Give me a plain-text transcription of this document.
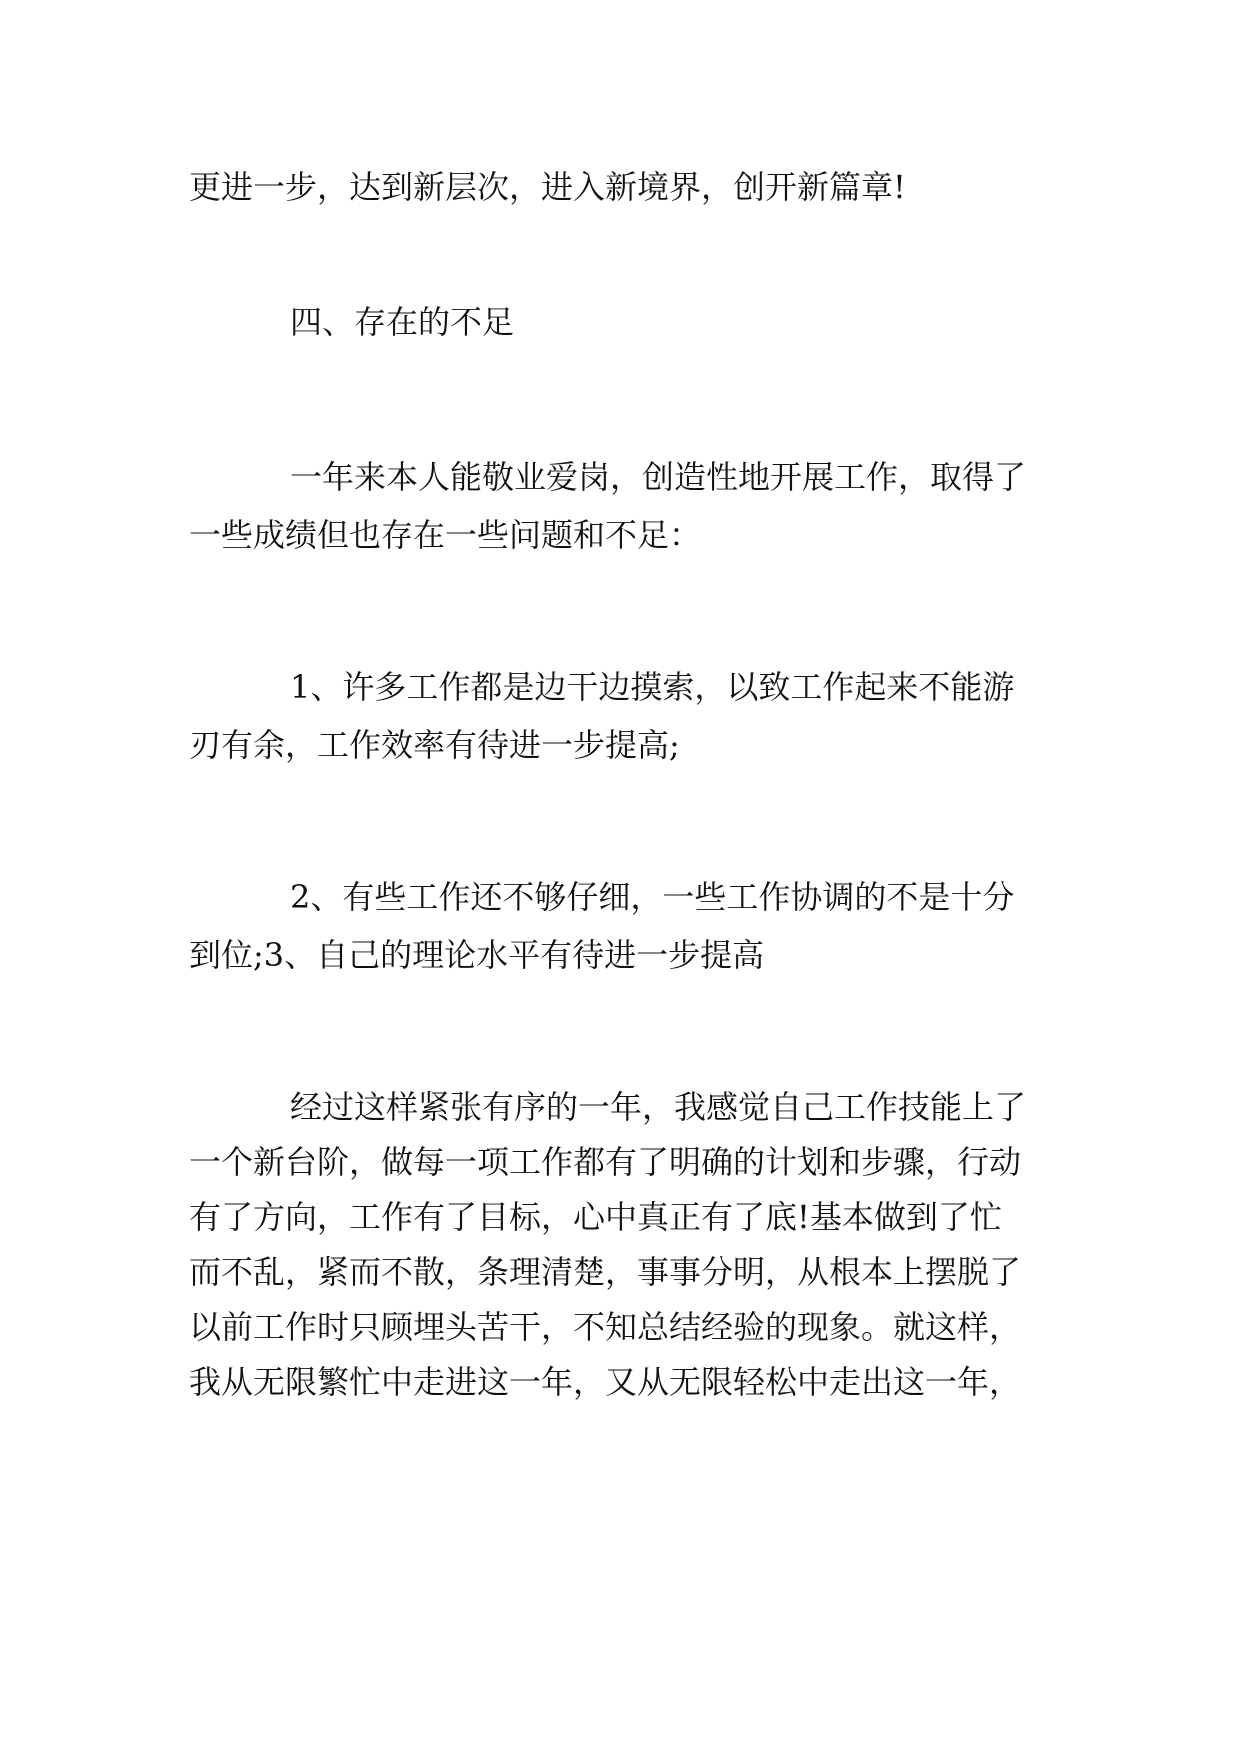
更进一步，达到新层次，进入新境界，创开新篇章!
四、存在的不足
一年来本人能敬业爱岗，创造性地开展工作，取得了
一些成绩但也存在一些问题和不足：
1、许多工作都是边干边摸索，以致工作起来不能游
刃有余，工作效率有待进一步提高;
2、有些工作还不够仔细，一些工作协调的不是十分
到位;3、自己的理论水平有待进一步提高
经过这样紧张有序的一年，我感觉自己工作技能上了
一个新台阶，做每一项工作都有了明确的计划和步骤，行动
有了方向，工作有了目标，心中真正有了底!基本做到了忙
而不乱，紧而不散，条理清楚，事事分明，从根本上摆脱了
以前工作时只顾埋头苦干，不知总结经验的现象。就这样，
我从无限繁忙中走进这一年，又从无限轻松中走出这一年，
